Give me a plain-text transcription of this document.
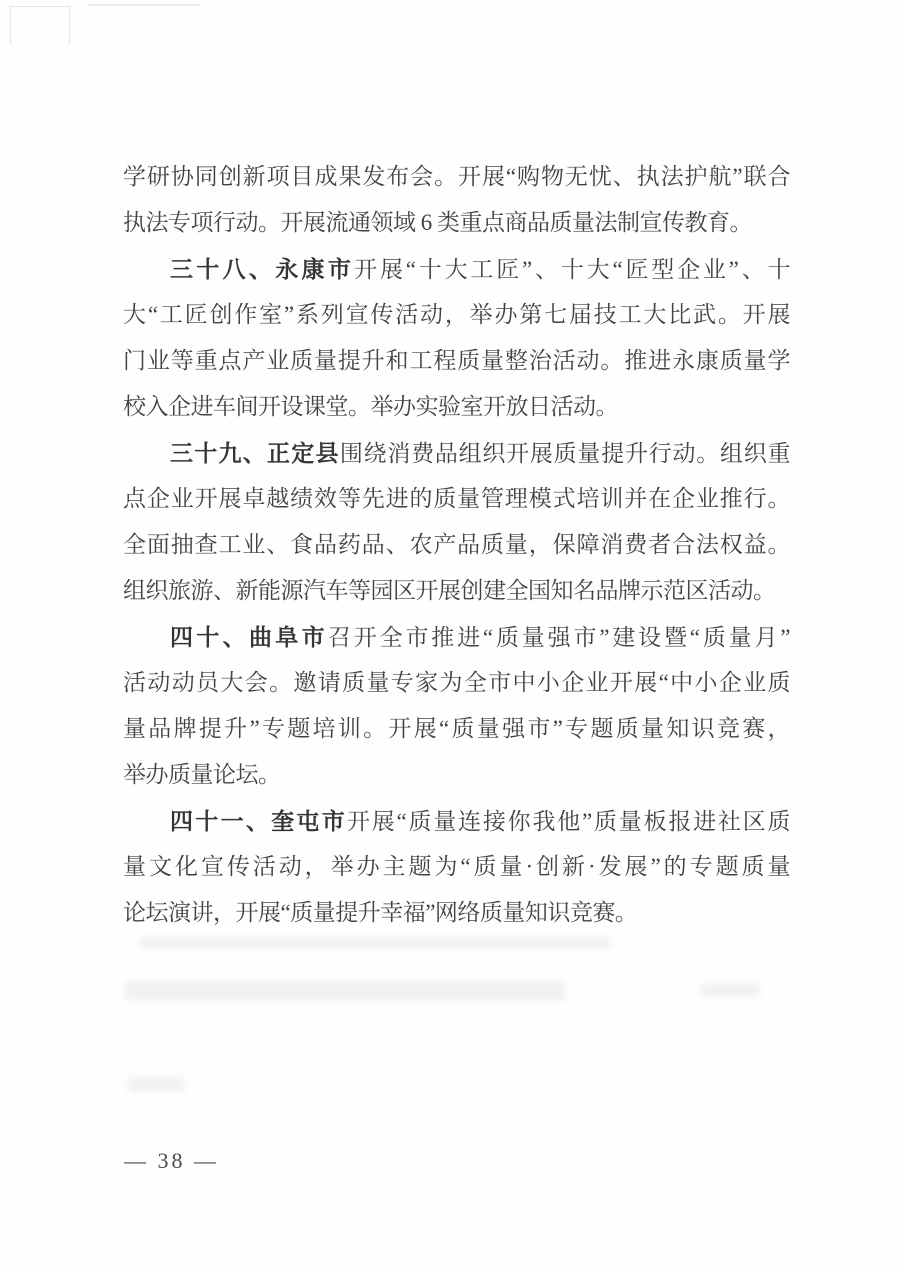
学研协同创新项目成果发布会。开展“购物无忧、执法护航”联合
执法专项行动。开展流通领域 6 类重点商品质量法制宣传教育。
三十八、永康市开展“十大工匠”、十大“匠型企业”、十
大“工匠创作室”系列宣传活动，举办第七届技工大比武。开展
门业等重点产业质量提升和工程质量整治活动。推进永康质量学
校入企进车间开设课堂。举办实验室开放日活动。
三十九、正定县围绕消费品组织开展质量提升行动。组织重
点企业开展卓越绩效等先进的质量管理模式培训并在企业推行。
全面抽查工业、食品药品、农产品质量，保障消费者合法权益。
组织旅游、新能源汽车等园区开展创建全国知名品牌示范区活动。
四十、曲阜市召开全市推进“质量强市”建设暨“质量月”
活动动员大会。邀请质量专家为全市中小企业开展“中小企业质
量品牌提升”专题培训。开展“质量强市”专题质量知识竞赛，
举办质量论坛。
四十一、奎屯市开展“质量连接你我他”质量板报进社区质
量文化宣传活动，举办主题为“质量·创新·发展”的专题质量
论坛演讲，开展“质量提升幸福”网络质量知识竞赛。
— 38 —
